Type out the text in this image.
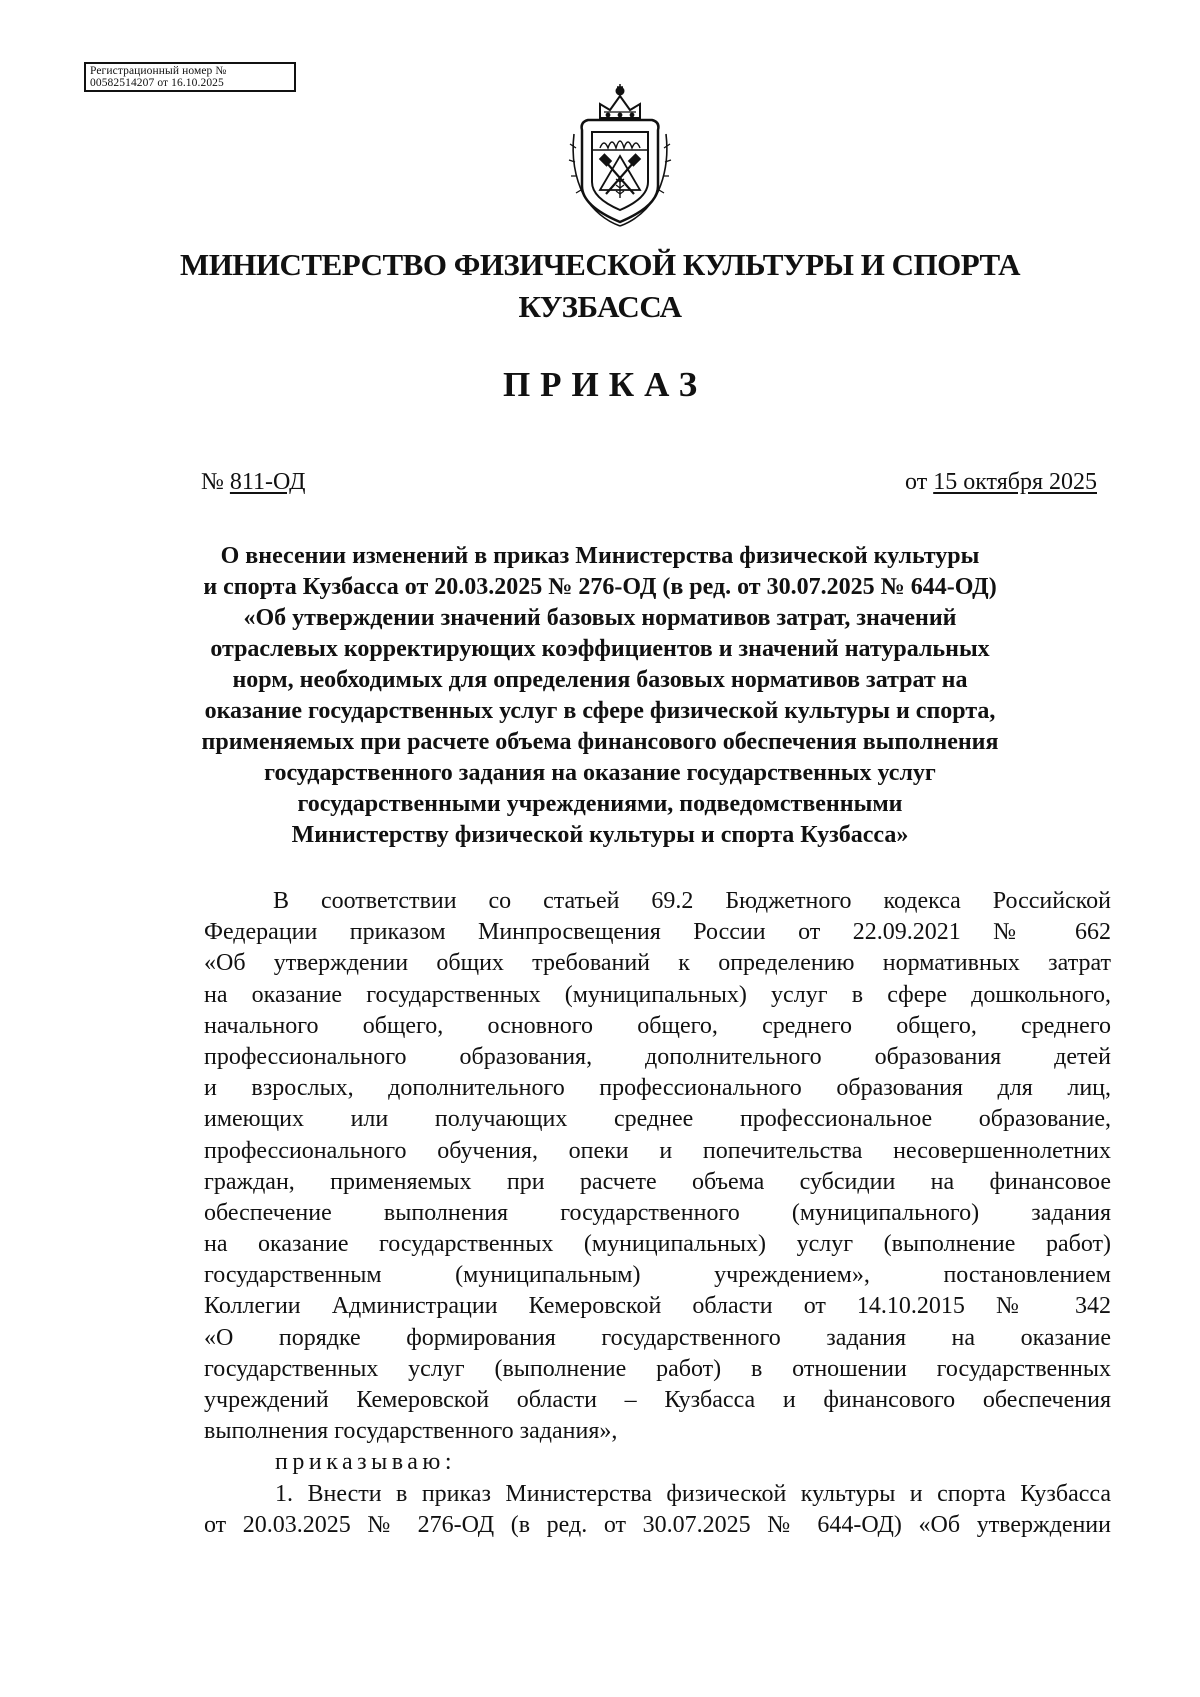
Регистрационный номер №
00582514207 от 16.10.2025
МИНИСТЕРСТВО ФИЗИЧЕСКОЙ КУЛЬТУРЫ И СПОРТА
КУЗБАССА
ПРИКАЗ
№ 811-ОД	от 15 октября 2025
О внесении изменений в приказ Министерства физической культуры
и спорта Кузбасса от 20.03.2025 № 276-ОД (в ред. от 30.07.2025 № 644-ОД)
«Об утверждении значений базовых нормативов затрат, значений
отраслевых корректирующих коэффициентов и значений натуральных
норм, необходимых для определения базовых нормативов затрат на
оказание государственных услуг в сфере физической культуры и спорта,
применяемых при расчете объема финансового обеспечения выполнения
государственного задания на оказание государственных услуг
государственными учреждениями, подведомственными
Министерству физической культуры и спорта Кузбасса»
В соответствии со статьей 69.2 Бюджетного кодекса Российской
Федерации приказом Минпросвещения России от 22.09.2021 № 662
«Об утверждении общих требований к определению нормативных затрат
на оказание государственных (муниципальных) услуг в сфере дошкольного,
начального общего, основного общего, среднего общего, среднего
профессионального образования, дополнительного образования детей
и взрослых, дополнительного профессионального образования для лиц,
имеющих или получающих среднее профессиональное образование,
профессионального обучения, опеки и попечительства несовершеннолетних
граждан, применяемых при расчете объема субсидии на финансовое
обеспечение выполнения государственного (муниципального) задания
на оказание государственных (муниципальных) услуг (выполнение работ)
государственным (муниципальным) учреждением», постановлением
Коллегии Администрации Кемеровской области от 14.10.2015 № 342
«О порядке формирования государственного задания на оказание
государственных услуг (выполнение работ) в отношении государственных
учреждений Кемеровской области – Кузбасса и финансового обеспечения
выполнения государственного задания»,
приказываю:
1. Внести в приказ Министерства физической культуры и спорта Кузбасса
от 20.03.2025 № 276-ОД (в ред. от 30.07.2025 № 644-ОД) «Об утверждении
